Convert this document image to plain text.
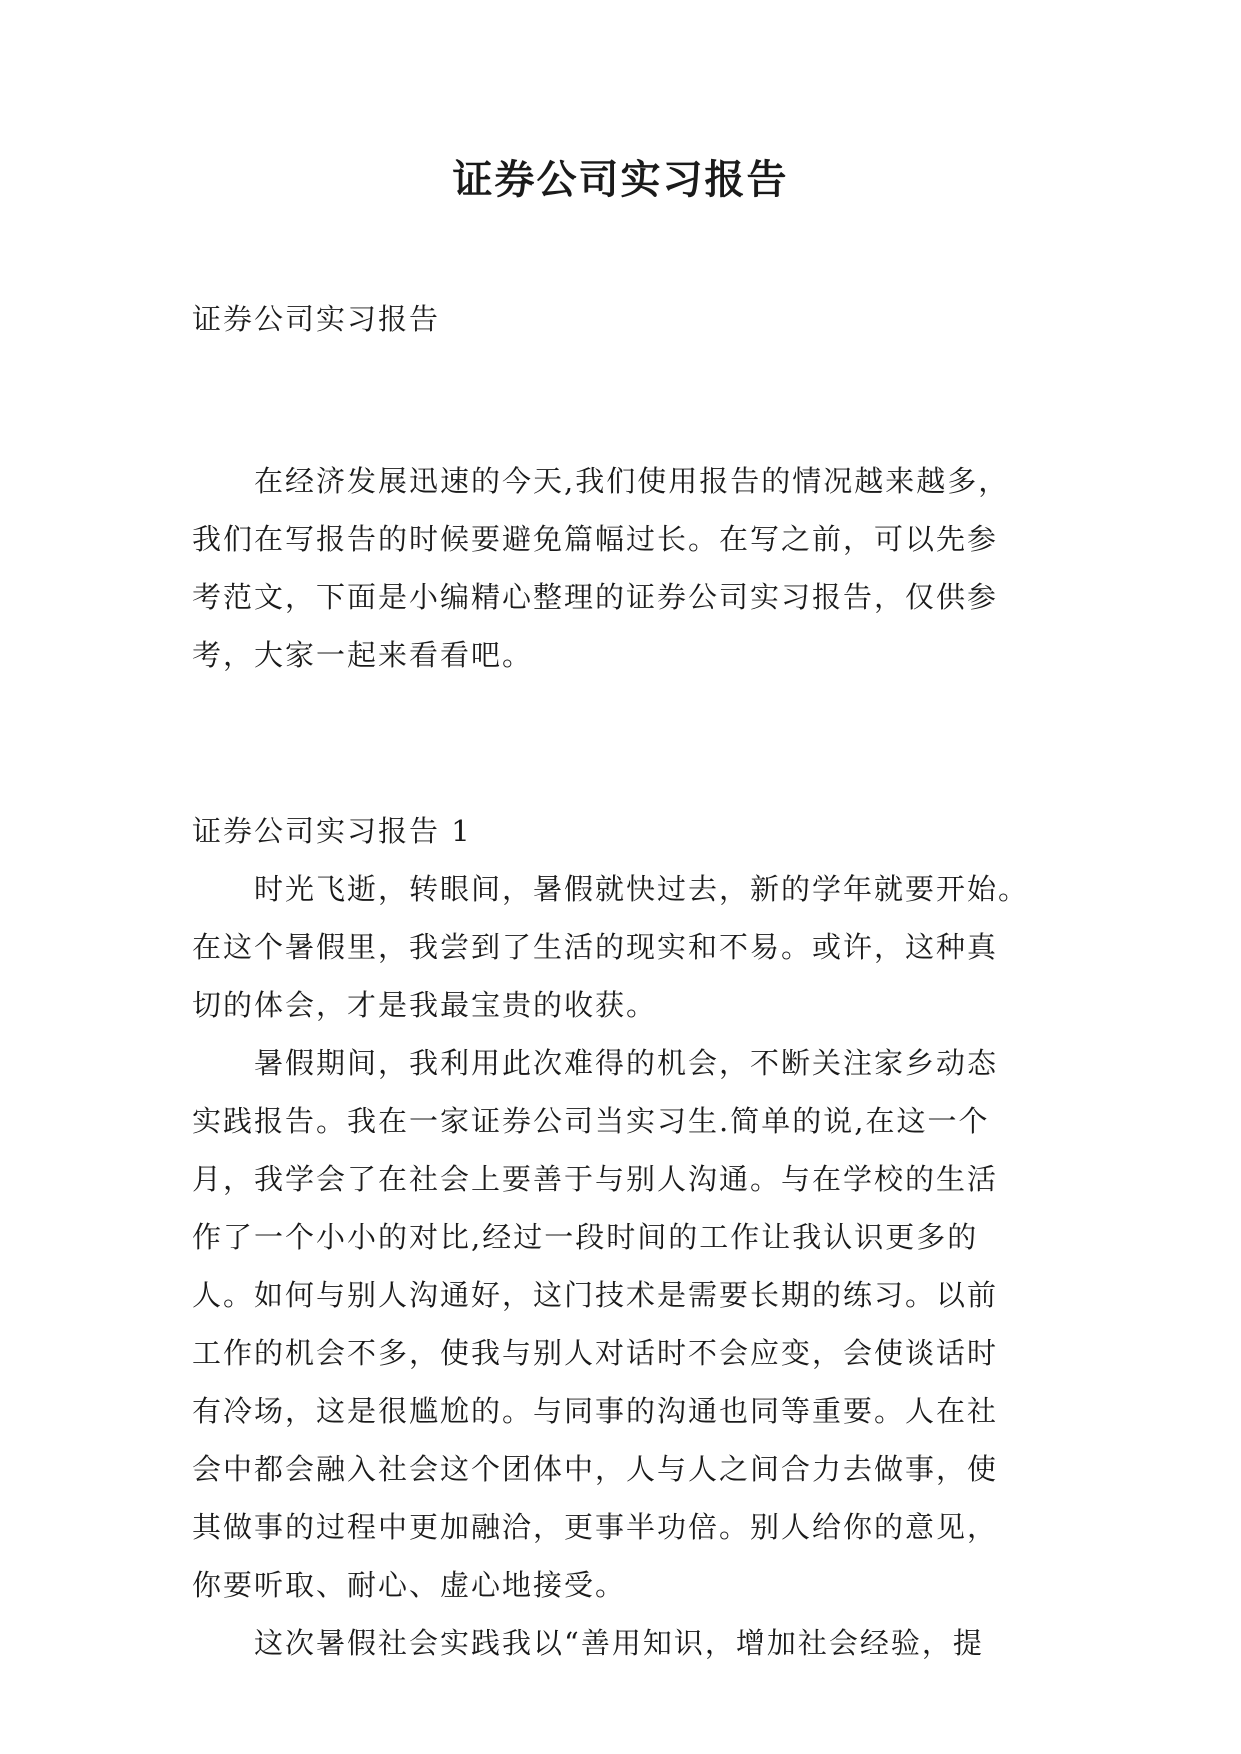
证券公司实习报告

证券公司实习报告

在经济发展迅速的今天,我们使用报告的情况越来越多，

我们在写报告的时候要避免篇幅过长。在写之前，可以先参

考范文，下面是小编精心整理的证券公司实习报告，仅供参

考，大家一起来看看吧。

证券公司实习报告 1

时光飞逝，转眼间，暑假就快过去，新的学年就要开始。

在这个暑假里，我尝到了生活的现实和不易。或许，这种真

切的体会，才是我最宝贵的收获。

暑假期间，我利用此次难得的机会，不断关注家乡动态

实践报告。我在一家证券公司当实习生.简单的说,在这一个

月，我学会了在社会上要善于与别人沟通。与在学校的生活

作了一个小小的对比,经过一段时间的工作让我认识更多的

人。如何与别人沟通好，这门技术是需要长期的练习。以前

工作的机会不多，使我与别人对话时不会应变，会使谈话时

有冷场，这是很尴尬的。与同事的沟通也同等重要。人在社

会中都会融入社会这个团体中，人与人之间合力去做事，使

其做事的过程中更加融洽，更事半功倍。别人给你的意见，

你要听取、耐心、虚心地接受。

这次暑假社会实践我以“善用知识，增加社会经验，提
